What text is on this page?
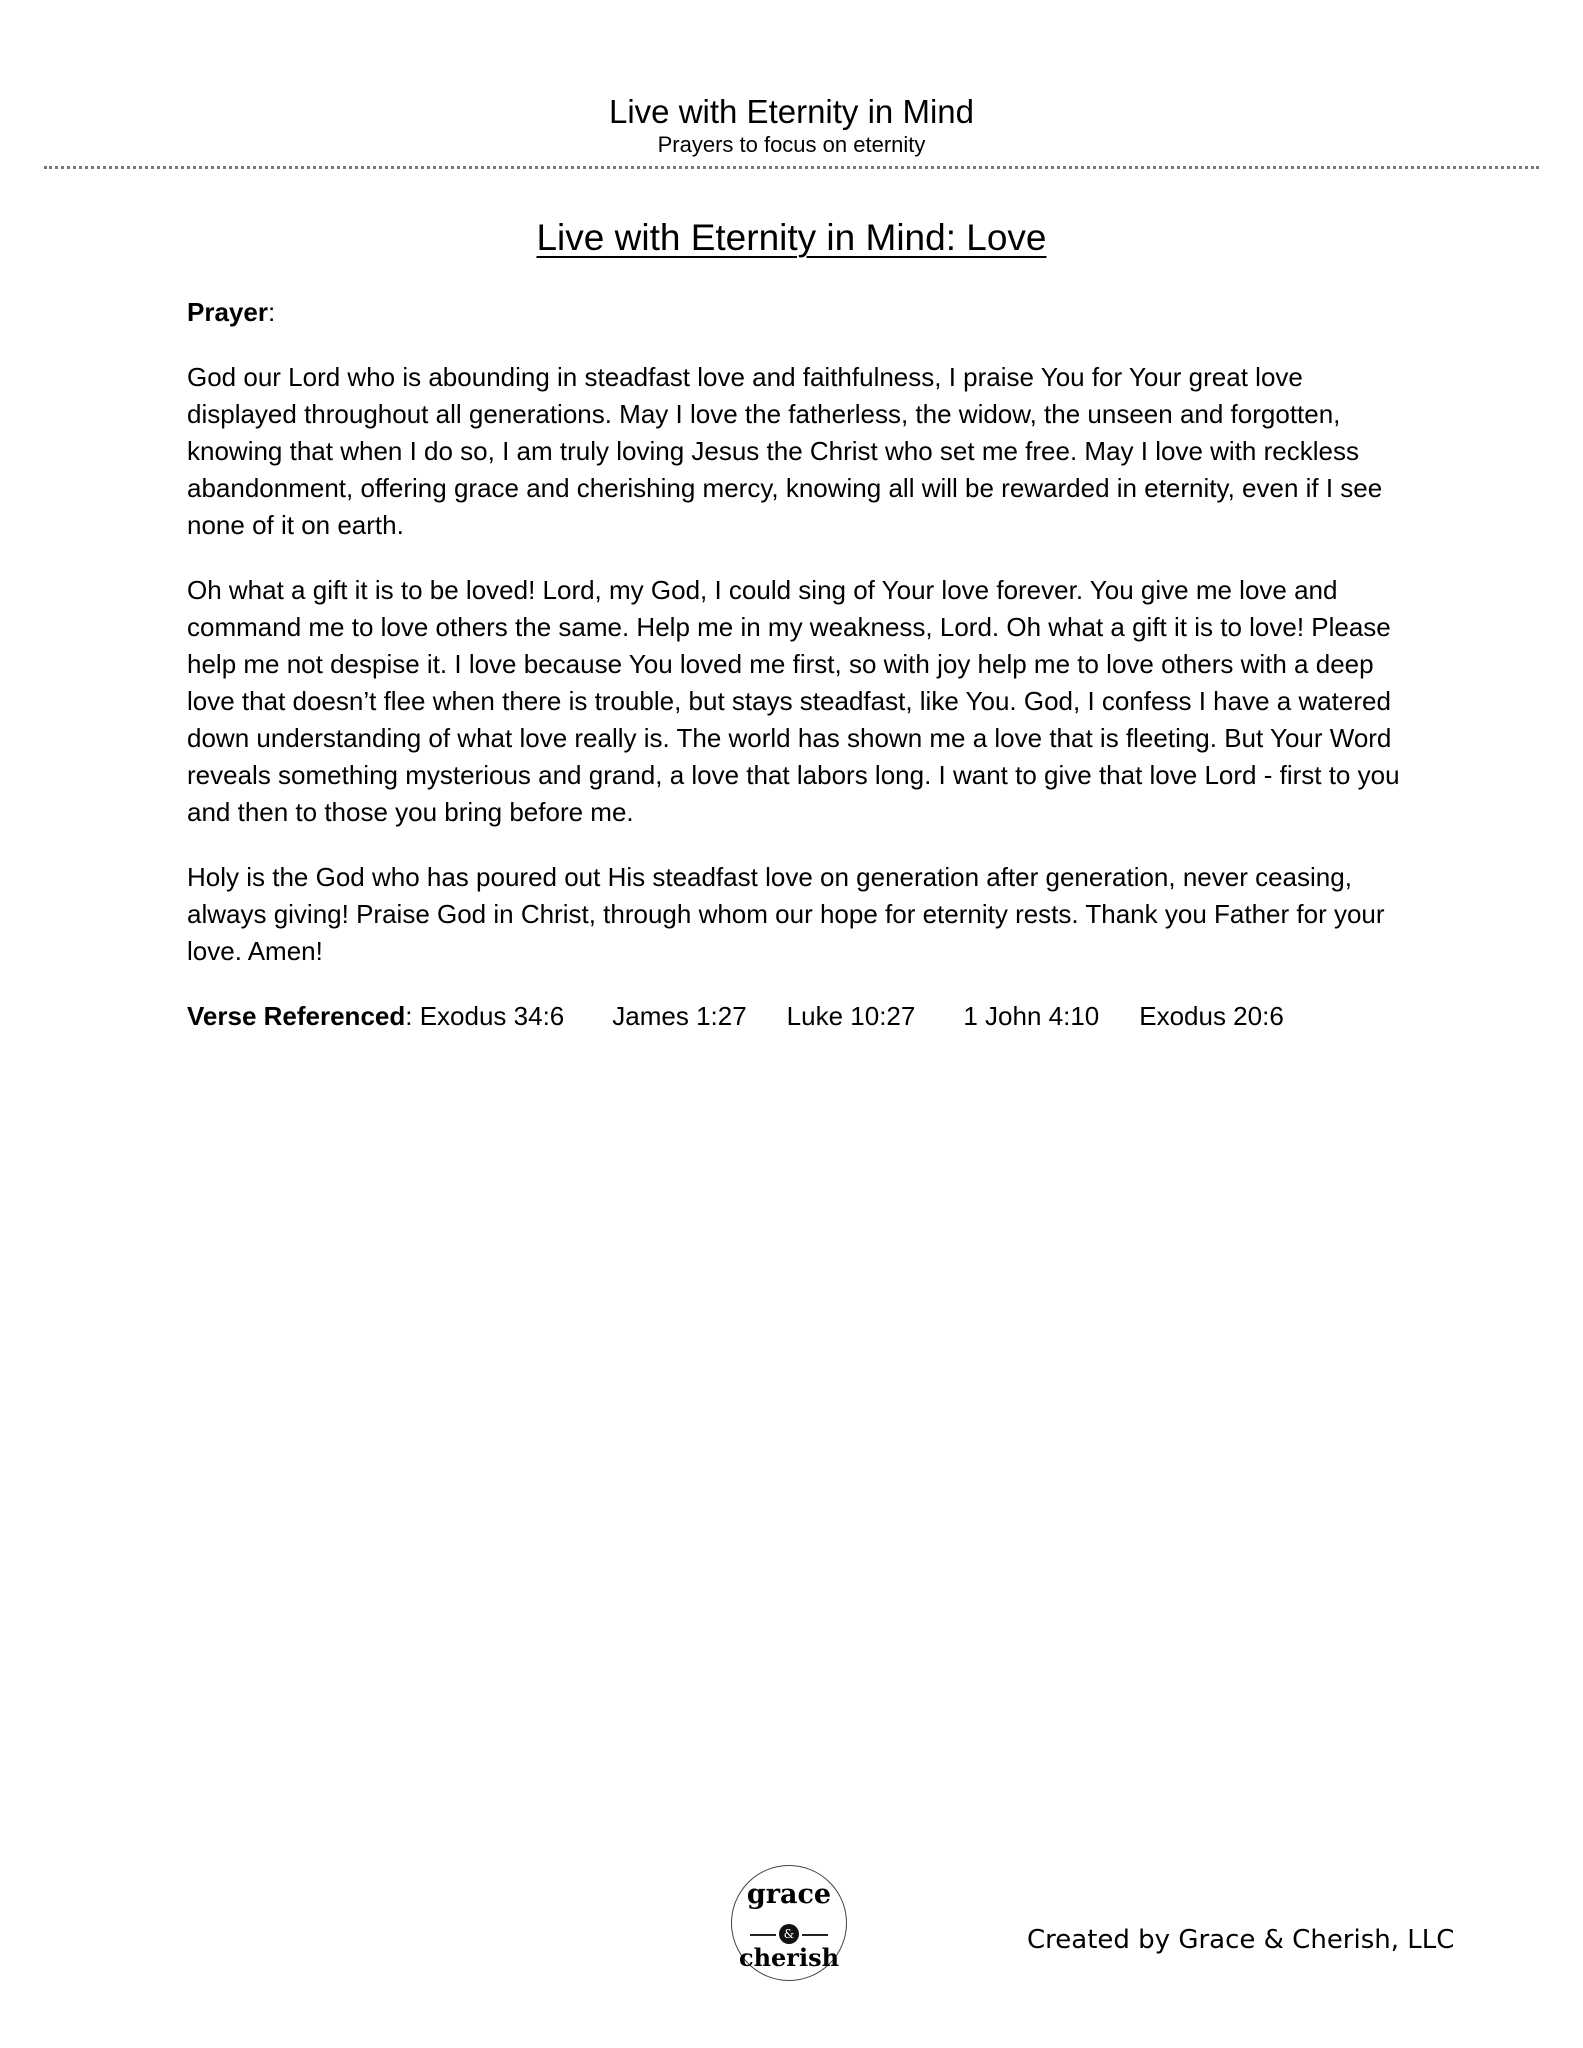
Live with Eternity in Mind
Prayers to focus on eternity
Live with Eternity in Mind: Love

Prayer:

God our Lord who is abounding in steadfast love and faithfulness, I praise You for Your great love displayed throughout all generations. May I love the fatherless, the widow, the unseen and forgotten, knowing that when I do so, I am truly loving Jesus the Christ who set me free. May I love with reckless abandonment, offering grace and cherishing mercy, knowing all will be rewarded in eternity, even if I see none of it on earth.

Oh what a gift it is to be loved! Lord, my God, I could sing of Your love forever. You give me love and command me to love others the same. Help me in my weakness, Lord. Oh what a gift it is to love! Please help me not despise it. I love because You loved me first, so with joy help me to love others with a deep love that doesn’t flee when there is trouble, but stays steadfast, like You. God, I confess I have a watered down understanding of what love really is. The world has shown me a love that is fleeting. But Your Word reveals something mysterious and grand, a love that labors long. I want to give that love Lord - first to you and then to those you bring before me.

Holy is the God who has poured out His steadfast love on generation after generation, never ceasing, always giving! Praise God in Christ, through whom our hope for eternity rests. Thank you Father for your love. Amen!

Verse Referenced: Exodus 34:6 James 1:27 Luke 10:27 1 John 4:10 Exodus 20:6

grace
&
cherish
Created by Grace & Cherish, LLC
